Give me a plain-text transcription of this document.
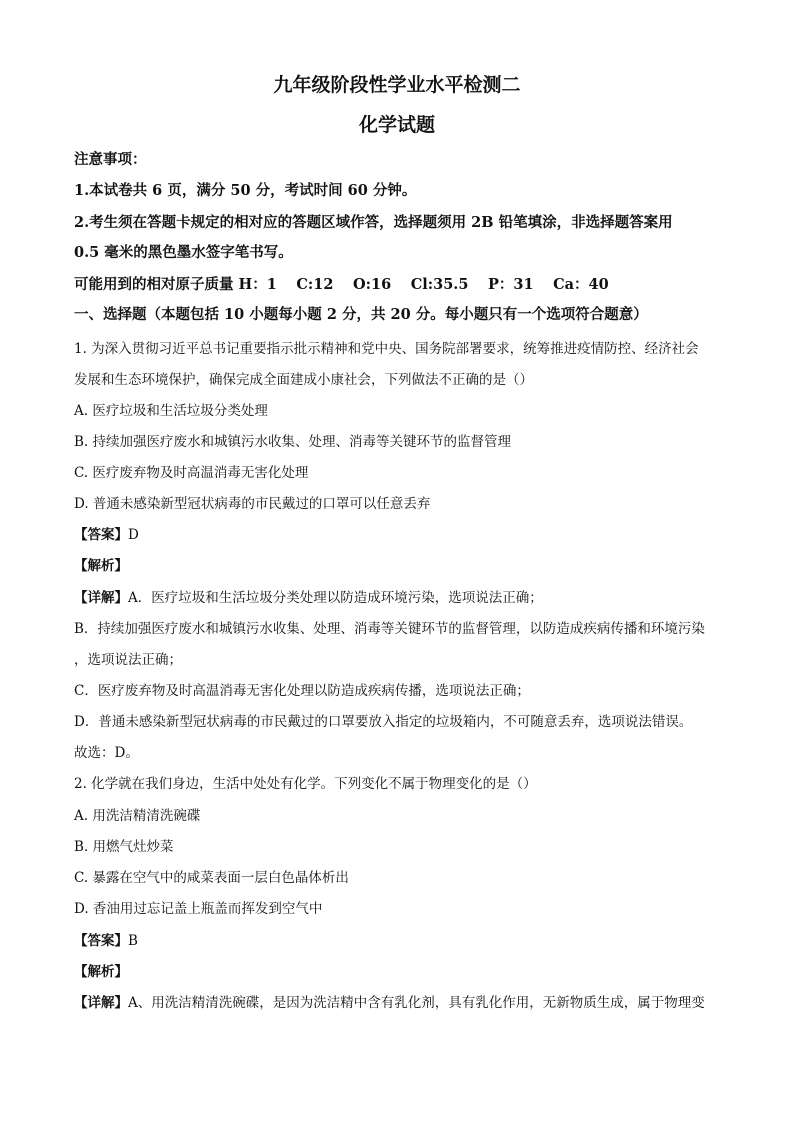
九年级阶段性学业水平检测二
化学试题
注意事项：
1.本试卷共 6 页，满分 50 分，考试时间 60 分钟。
2.考生须在答题卡规定的相对应的答题区域作答，选择题须用 2B 铅笔填涂，非选择题答案用
0.5 毫米的黑色墨水签字笔书写。
可能用到的相对原子质量 H：1　 C:12　 O:16　 Cl:35.5　 P：31　 Ca：40
一、选择题（本题包括 10 小题每小题 2 分，共 20 分。每小题只有一个选项符合题意）
1. 为深入贯彻习近平总书记重要指示批示精神和党中央、国务院部署要求，统筹推进疫情防控、经济社会
发展和生态环境保护，确保完成全面建成小康社会，下列做法不正确的是（）
A. 医疗垃圾和生活垃圾分类处理
B. 持续加强医疗废水和城镇污水收集、处理、消毒等关键环节的监督管理
C. 医疗废弃物及时高温消毒无害化处理
D. 普通未感染新型冠状病毒的市民戴过的口罩可以任意丢弃
【答案】D
【解析】
【详解】A．医疗垃圾和生活垃圾分类处理以防造成环境污染，选项说法正确；
B．持续加强医疗废水和城镇污水收集、处理、消毒等关键环节的监督管理，以防造成疾病传播和环境污染
，选项说法正确；
C．医疗废弃物及时高温消毒无害化处理以防造成疾病传播，选项说法正确；
D．普通未感染新型冠状病毒的市民戴过的口罩要放入指定的垃圾箱内，不可随意丢弃，选项说法错误。
故选：D。
2. 化学就在我们身边，生活中处处有化学。下列变化不属于物理变化的是（）
A. 用洗洁精清洗碗碟
B. 用燃气灶炒菜
C. 暴露在空气中的咸菜表面一层白色晶体析出
D. 香油用过忘记盖上瓶盖而挥发到空气中
【答案】B
【解析】
【详解】A、用洗洁精清洗碗碟，是因为洗洁精中含有乳化剂，具有乳化作用，无新物质生成，属于物理变
